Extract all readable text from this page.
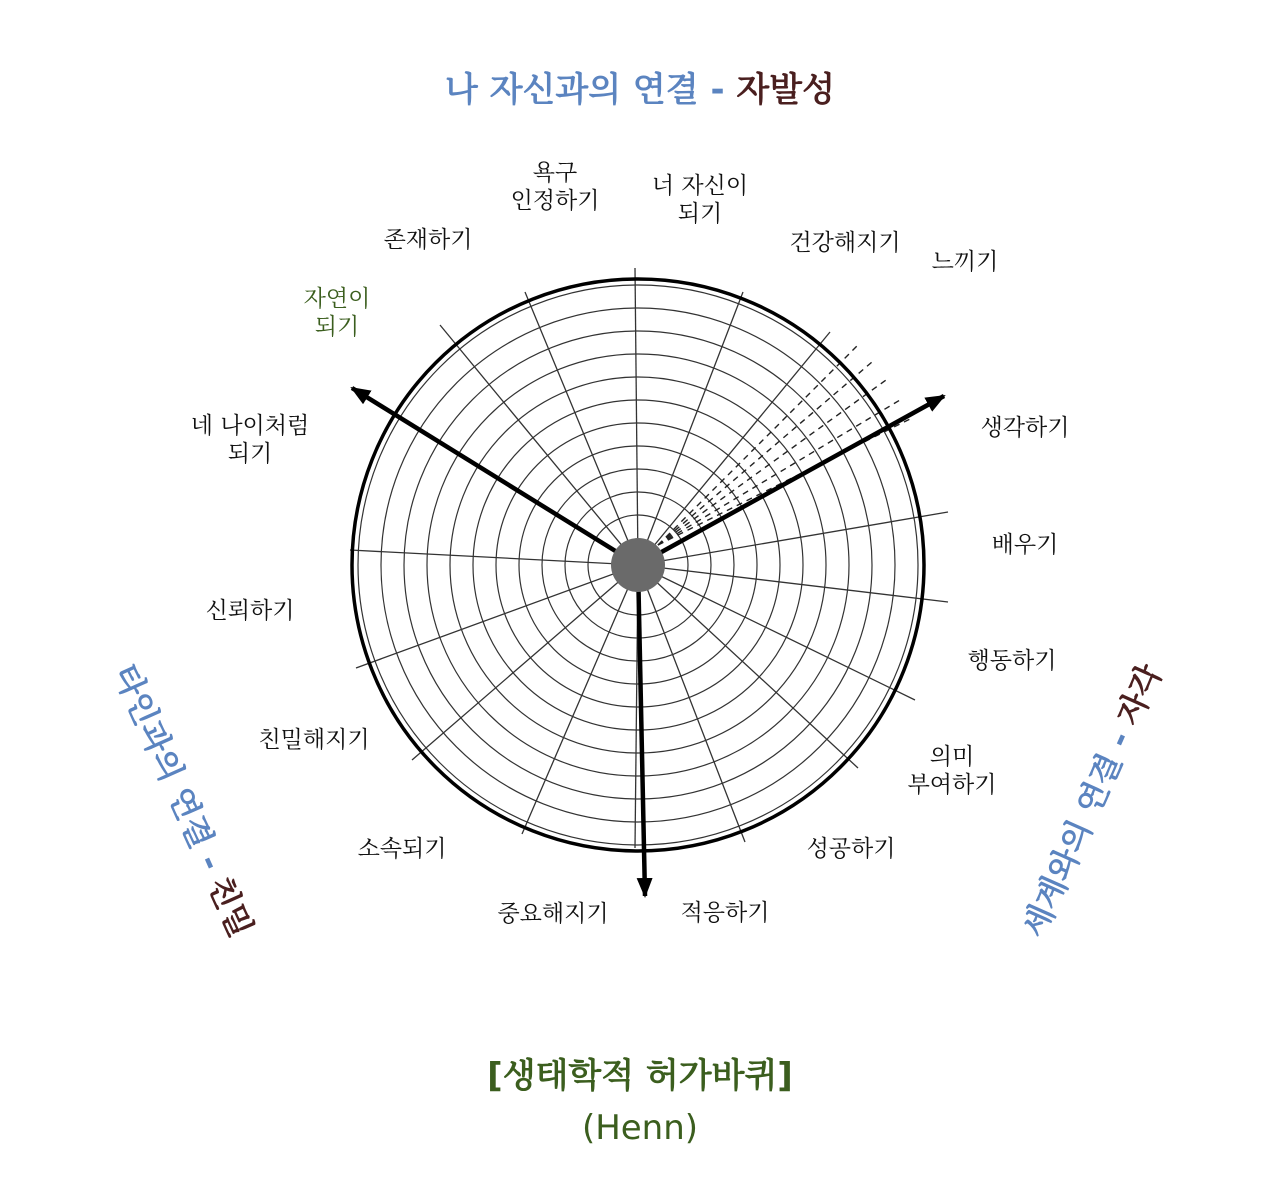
나 자신과의 연결 - 자발성
타인과의 연결 - 친밀	세계와의 연결 - 자각
욕구
인정하기
너 자신이
되기
건강해지기
느끼기
존재하기
자연이
되기
네 나이처럼
되기
신뢰하기
친밀해지기
소속되기
중요해지기	적응하기
성공하기
의미
부여하기
행동하기
배우기
생각하기
[생태학적 허가바퀴]
(Henn)
